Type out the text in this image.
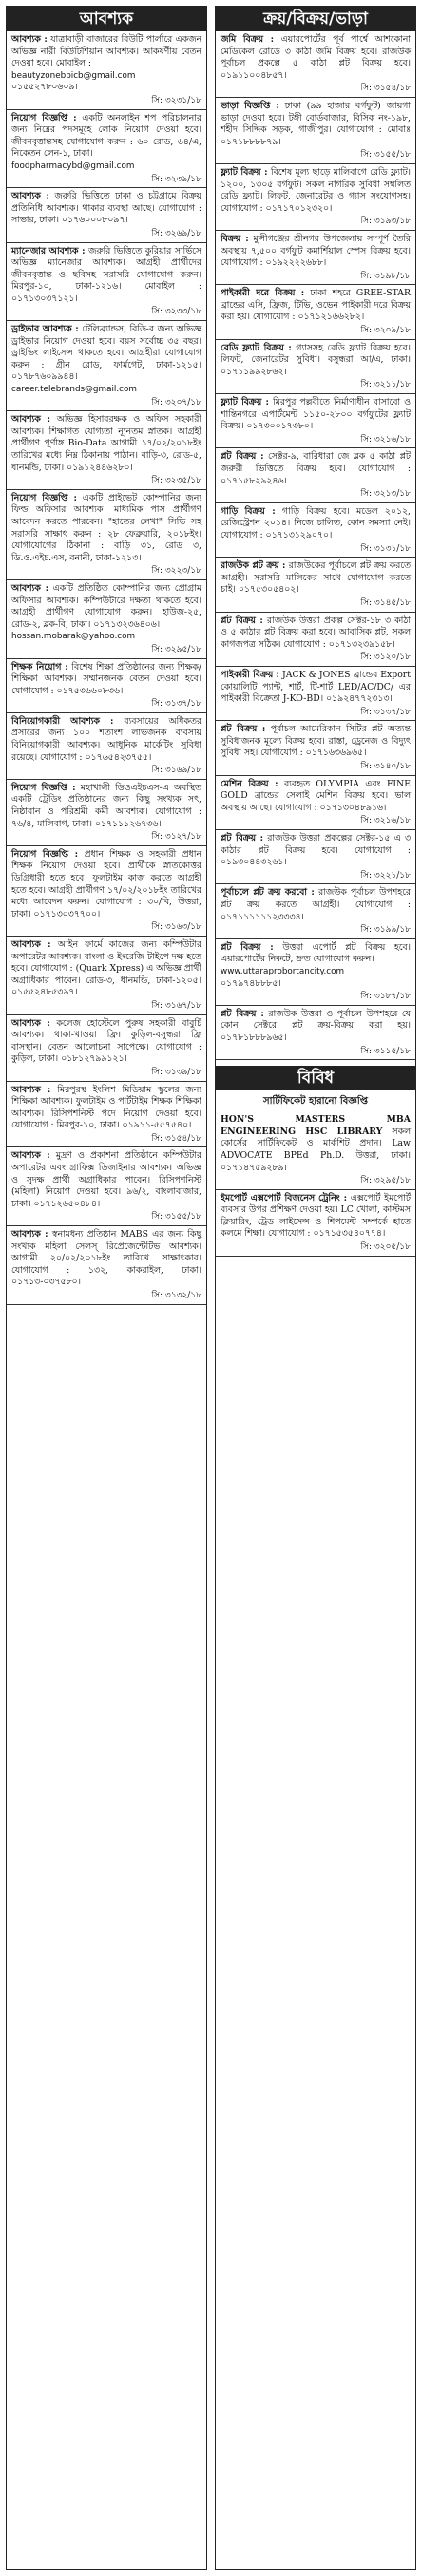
আবশ্যক
আবশ্যক : যাত্রাবাড়ী বাজারের বিউটি পার্লারে একজন অভিজ্ঞ নারী বিউটিশিয়ান আবশ্যক। আকর্ষণীয় বেতন দেওয়া হবে। মোবাইল :
beautyzonebbicb@gmail.com
০১৫৫২৭৮০৬০৯।
সি: ৩২৩১/১৮
নিয়োগ বিজ্ঞপ্তি : একটি অনলাইন শপ পরিচালনার জন্য নিম্নের পদসমূহে লোক নিয়োগ দেওয়া হবে। জীবনবৃত্তান্তসহ যোগাযোগ করুন : ৬০ রোড, ৬৪/এ, নিকেতন লেন-১, ঢাকা।
foodpharmacybd@gmail.com
সি: ৩২৩৯/১৮
আবশ্যক : জরুরি ভিত্তিতে ঢাকা ও চট্টগ্রামে বিক্রয় প্রতিনিধি আবশ্যক। থাকার ব্যবস্থা আছে। যোগাযোগ : সাভার, ঢাকা। ০১৭৬০০০৮০৯৭।
সি: ৩২৬৯/১৮
ম্যানেজার আবশ্যক : জরুরি ভিত্তিতে কুরিয়ার সার্ভিসে অভিজ্ঞ ম্যানেজার আবশ্যক। আগ্রহী প্রার্থীদের জীবনবৃত্তান্ত ও ছবিসহ সরাসরি যোগাযোগ করুন। মিরপুর-১০, ঢাকা-১২১৬। মোবাইল : ০১৭১৩০৩৭১২১।
সি: ৩২৩৩/১৮
ড্রাইভার আবশ্যক : টেলিব্র্যান্ডস, বিডি-র জন্য অভিজ্ঞ ড্রাইভার নিয়োগ দেওয়া হবে। বয়স সর্বোচ্চ ৩৫ বছর। ড্রাইভিং লাইসেন্স থাকতে হবে। আগ্রহীরা যোগাযোগ করুন : গ্রীন রোড, ফার্মগেট, ঢাকা-১২১৫। ০১৭৮৭৬০৯৯৪৪।
career.telebrands@gmail.com
সি: ৩২০৭/১৮
আবশ্যক : অভিজ্ঞ হিসাবরক্ষক ও অফিস সহকারী আবশ্যক। শিক্ষাগত যোগ্যতা ন্যূনতম স্নাতক। আগ্রহী প্রার্থীগণ পূর্ণাঙ্গ Bio-Data আগামী ১৭/০২/২০১৮ইং তারিখের মধ্যে নিম্ন ঠিকানায় পাঠান। বাড়ি-৩, রোড-৫, ধানমন্ডি, ঢাকা। ০১৯১২৪৪৬২৮০।
সি: ৩২৩৫/১৮
নিয়োগ বিজ্ঞপ্তি : একটি প্রাইভেট কোম্পানির জন্য ফিল্ড অফিসার আবশ্যক। মাধ্যমিক পাস প্রার্থীগণ আবেদন করতে পারবেন। "হাতের লেখা" সিভি সহ সরাসরি সাক্ষাৎ করুন : ২৮ ফেব্রুয়ারি, ২০১৮ইং। যোগাযোগের ঠিকানা : বাড়ি ৩১, রোড ৩, ডি.ও.এইচ.এস, বনানী, ঢাকা-১২১৩।
সি: ৩২২৩/১৮
আবশ্যক : একটি প্রতিষ্ঠিত কোম্পানির জন্য প্রোগ্রাম অফিসার আবশ্যক। কম্পিউটারে দক্ষতা থাকতে হবে। আগ্রহী প্রার্থীগণ যোগাযোগ করুন। হাউজ-২৫, রোড-২, ব্লক-বি, ঢাকা। ০১৭১৩২৩৬৪০৬।
hossan.mobarak@yahoo.com
সি: ৩২৯৫/১৮
শিক্ষক নিয়োগ : বিশেষ শিক্ষা প্রতিষ্ঠানের জন্য শিক্ষক/শিক্ষিকা আবশ্যক। সম্মানজনক বেতন দেওয়া হবে। যোগাযোগ : ০১৭৫৩৬৬০৮৩৬।
সি: ৩১৩৭/১৮
বিনিয়োগকারী আবশ্যক : ব্যবসায়ের অধিকতর প্রসারের জন্য ১০০ শতাংশ লাভজনক ব্যবসায় বিনিয়োগকারী আবশ্যক। আধুনিক মার্কেটিং সুবিধা রয়েছে। যোগাযোগ : ০১৭৬৫৪২৩৭৫৫।
সি: ৩১৬৯/১৮
নিয়োগ বিজ্ঞপ্তি : মহাখালী ডিওএইচএস-এ অবস্থিত একটি ট্রেডিং প্রতিষ্ঠানের জন্য কিছু সংখ্যক সৎ, নিষ্ঠাবান ও পরিশ্রমী কর্মী আবশ্যক। যোগাযোগ : ৭৬/৪, মালিবাগ, ঢাকা। ০১৭১১১২৬৭৩৬।
সি: ৩১২৭/১৮
নিয়োগ বিজ্ঞপ্তি : প্রধান শিক্ষক ও সহকারী প্রধান শিক্ষক নিয়োগ দেওয়া হবে। প্রার্থীকে স্নাতকোত্তর ডিগ্রিধারী হতে হবে। ফুলটাইম কাজ করতে আগ্রহী হতে হবে। আগ্রহী প্রার্থীগণ ১৭/০২/২০১৮ইং তারিখের মধ্যে আবেদন করুন। যোগাযোগ : ৩০/বি, উত্তরা, ঢাকা। ০১৭১৩০৩৭৭০০।
সি: ৩১৬৩/১৮
আবশ্যক : আইন ফার্মে কাজের জন্য কম্পিউটার অপারেটর আবশ্যক। বাংলা ও ইংরেজি টাইপে দক্ষ হতে হবে। যোগাযোগ : (Quark Xpress) এ অভিজ্ঞ প্রার্থী অগ্রাধিকার পাবেন। রোড-৩, ধানমন্ডি, ঢাকা-১২০৫। ০১৫৫২৪৮৫৩৯৭।
সি: ৩১৬৭/১৮
আবশ্যক : কলেজ হোস্টেলে পুরুষ সহকারী বাবুর্চি আবশ্যক। থাকা-খাওয়া ফ্রি। কুড়িল-বসুন্ধরা ফ্রি বাসস্থান। বেতন আলোচনা সাপেক্ষে। যোগাযোগ : কুড়িল, ঢাকা। ০১৮১২৭৯৯১২১।
সি: ৩১৩৯/১৮
আবশ্যক : মিরপুরস্থ ইংলিশ মিডিয়াম স্কুলের জন্য শিক্ষিকা আবশ্যক। ফুলটাইম ও পার্টটাইম শিক্ষক শিক্ষিকা আবশ্যক। রিসিপশনিস্ট পদে নিয়োগ দেওয়া হবে। যোগাযোগ : মিরপুর-১০, ঢাকা। ০১৯১১-৫৫৭৫৪০।
সি: ৩১৫৪/১৮
আবশ্যক : মুদ্রণ ও প্রকাশনা প্রতিষ্ঠানে কম্পিউটার অপারেটর এবং গ্রাফিক্স ডিজাইনার আবশ্যক। অভিজ্ঞ ও সুদক্ষ প্রার্থী অগ্রাধিকার পাবেন। রিসিপশনিস্ট (মহিলা) নিয়োগ দেওয়া হবে। ৯৬/২, বাংলাবাজার, ঢাকা। ০১৭১২৬৫০৪৮৪।
সি: ৩১৫৫/১৮
আবশ্যক : স্বনামধন্য প্রতিষ্ঠান MABS এর জন্য কিছু সংখ্যক মহিলা সেলস্ রিপ্রেজেন্টেটিভ আবশ্যক। আগামী ২০/০২/২০১৮ইং তারিখে সাক্ষাৎকার। যোগাযোগ : ১৩২, কাকরাইল, ঢাকা। ০১৭১৩-০৩৭৫৮০।
সি: ৩১৩২/১৮
ক্রয়/বিক্রয়/ভাড়া
জমি বিক্রয় : এয়ারপোর্টের পূর্ব পার্শ্বে আশকোনা মেডিকেল রোডে ৩ কাঠা জমি বিক্রয় হবে। রাজউক পূর্বাচল প্রকল্পে ৫ কাঠা প্লট বিক্রয় হবে। ০১৯১১০০৪৮৫৭।
সি: ৩১৫৪/১৮
ভাড়া বিজ্ঞপ্তি : ঢাকা (৯৯ হাজার বর্গফুট) জায়গা ভাড়া দেওয়া হবে। টঙ্গী বোর্ডবাজার, বিসিক নং-১৯৮, শহীদ সিদ্দিক সড়ক, গাজীপুর। যোগাযোগ : মোবাঃ ০১৭১৮৮৮৮৭৯।
সি: ৩১৫৫/১৮
ফ্ল্যাট বিক্রয় : বিশেষ মূল্য ছাড়ে মালিবাগে রেডি ফ্ল্যাট। ১২০০, ১৩০৫ বর্গফুট। সকল নাগরিক সুবিধা সম্বলিত রেডি ফ্ল্যাট। লিফট, জেনারেটর ও গ্যাস সংযোগসহ। যোগাযোগ : ০১৭১৭০১২৩২০।
সি: ৩১৯৩/১৮
বিক্রয় : মুন্সীগঞ্জের শ্রীনগর উপজেলায় সম্পূর্ণ তৈরি অবস্থায় ৭,৫০০ বর্গফুট কমার্শিয়াল স্পেস বিক্রয় হবে। যোগাযোগ : ০১৯২২২২৬৮৮।
সি: ৩১৯৮/১৮
পাইকারী দরে বিক্রয় : ঢাকা শহরে GREE-STAR ব্রান্ডের এসি, ফ্রিজ, টিভি, ওভেন পাইকারী দরে বিক্রয় করা হয়। যোগাযোগ : ০১৭১২১৬৬২৮২।
সি: ৩২০৯/১৮
রেডি ফ্ল্যাট বিক্রয় : গ্যাসসহ রেডি ফ্ল্যাট বিক্রয় হবে। লিফট, জেনারেটর সুবিধা। বসুন্ধরা আ/এ, ঢাকা। ০১৭১১৯৯২৮৬২।
সি: ৩২১১/১৮
ফ্ল্যাট বিক্রয় : মিরপুর পল্লবীতে নির্মাণাধীন বাসাবো ও শান্তিনগরে এপার্টমেন্ট ১১৫০-২৮০০ বর্গফুটের ফ্ল্যাট বিক্রয়। ০১৭৩০০১৭৩৮০।
সি: ৩২১৬/১৮
প্লট বিক্রয় : সেক্টর-৯, বারিধারা জে ব্লক ৫ কাঠা প্লট জরুরী ভিত্তিতে বিক্রয় হবে। যোগাযোগ : ০১৭১৫৮২৯২৪৬।
সি: ৩২১৩/১৮
গাড়ি বিক্রয় : গাড়ি বিক্রয় হবে। মডেল ২০১২, রেজিস্ট্রেশন ২০১৪। নিজে চালিত, কোন সমস্যা নেই। যোগাযোগ : ০১৭১৩১২৯০৭০।
সি: ৩১৩১/১৮
রাজউক প্লট ক্রয় : রাজউকের পূর্বাচলে প্লট ক্রয় করতে আগ্রহী। সরাসরি মালিকের সাথে যোগাযোগ করতে চাই। ০১৭৫৩০৫৪০২।
সি: ৩১৪৫/১৮
প্লট বিক্রয় : রাজউক উত্তরা প্রকল্প সেক্টর-১৮ ৩ কাঠা ও ৫ কাঠার প্লট বিক্রয় করা হবে। আবাসিক প্লট, সকল কাগজপত্র সঠিক। যোগাযোগ : ০১৭১৩২৩৯১৫৮।
সি: ৩১২০/১৮
পাইকারী বিক্রয় : JACK & JONES ব্রান্ডের Export কোয়ালিটি প্যান্ট, শার্ট, টি-শার্ট LED/AC/DC/ এর পাইকারী বিক্রেতা J-KO-BD। ০১৯২৪৭৭২৩১৩।
সি: ৩১৩৭/১৮
প্লট বিক্রয় : পূর্বাচল আমেরিকান সিটির প্লট অত্যন্ত সুবিধাজনক মূল্যে বিক্রয় হবে। রাস্তা, ড্রেনেজ ও বিদ্যুৎ সুবিধা সহ। যোগাযোগ : ০১৭১৬৩৬৯৬৫।
সি: ৩১৪০/১৮
মেশিন বিক্রয় : ব্যবহৃত OLYMPIA এবং FINE GOLD ব্রান্ডের সেলাই মেশিন বিক্রয় হবে। ভাল অবস্থায় আছে। যোগাযোগ : ০১৭১৩০৪৮৯১৬।
সি: ৩২১৬/১৮
প্লট বিক্রয় : রাজউক উত্তরা প্রকল্পের সেক্টর-১৫ এ ৩ কাঠার প্লট বিক্রয় হবে। যোগাযোগ : ০১৯৩০৪৪৩২৬১।
সি: ৩২২১/১৮
পূর্বাচলে প্লট ক্রয় করবো : রাজউক পূর্বাচল উপশহরে প্লট ক্রয় করতে আগ্রহী। যোগাযোগ : ০১৭১১১১১১২৩৩৩৪।
সি: ৩১৯৯/১৮
প্লট বিক্রয় : উত্তরা এপোর্ট প্লট বিক্রয় হবে। এয়ারপোর্টের নিকটে, দ্রুত যোগাযোগ করুন।
www.uttaraprobortancity.com
০১৭৯৭৪৮৮৮৫।
সি: ৩১৮৭/১৮
প্লট বিক্রয় : রাজউক উত্তরা ও পূর্বাচল উপশহরে যে কোন সেক্টরে প্লট ক্রয়-বিক্রয় করা হয়। ০১৭৮১৮৮৮৯৬৫।
সি: ৩১১৫/১৮
বিবিধ
সার্টিফিকেট হারানো বিজ্ঞপ্তি
HON'S MASTERS MBA ENGINEERING HSC LIBRARY সকল কোর্সের সার্টিফিকেট ও মার্কশিট প্রদান। Law ADVOCATE BPEd Ph.D. উত্তরা, ঢাকা। ০১৭১৪৭৫৯২৮৯।
সি: ৩২৯৫/১৮
ইমপোর্ট এক্সপোর্ট বিজনেস ট্রেনিং : এক্সপোর্ট ইমপোর্ট ব্যবসার উপর প্রশিক্ষণ দেওয়া হয়। LC খোলা, কাস্টমস ক্লিয়ারিং, ট্রেড লাইসেন্স ও শিপমেন্ট সম্পর্কে হাতে কলমে শিক্ষা। যোগাযোগ : ০১৭১৫৩৫৪০৭৭৪।
সি: ৩২০৫/১৮
